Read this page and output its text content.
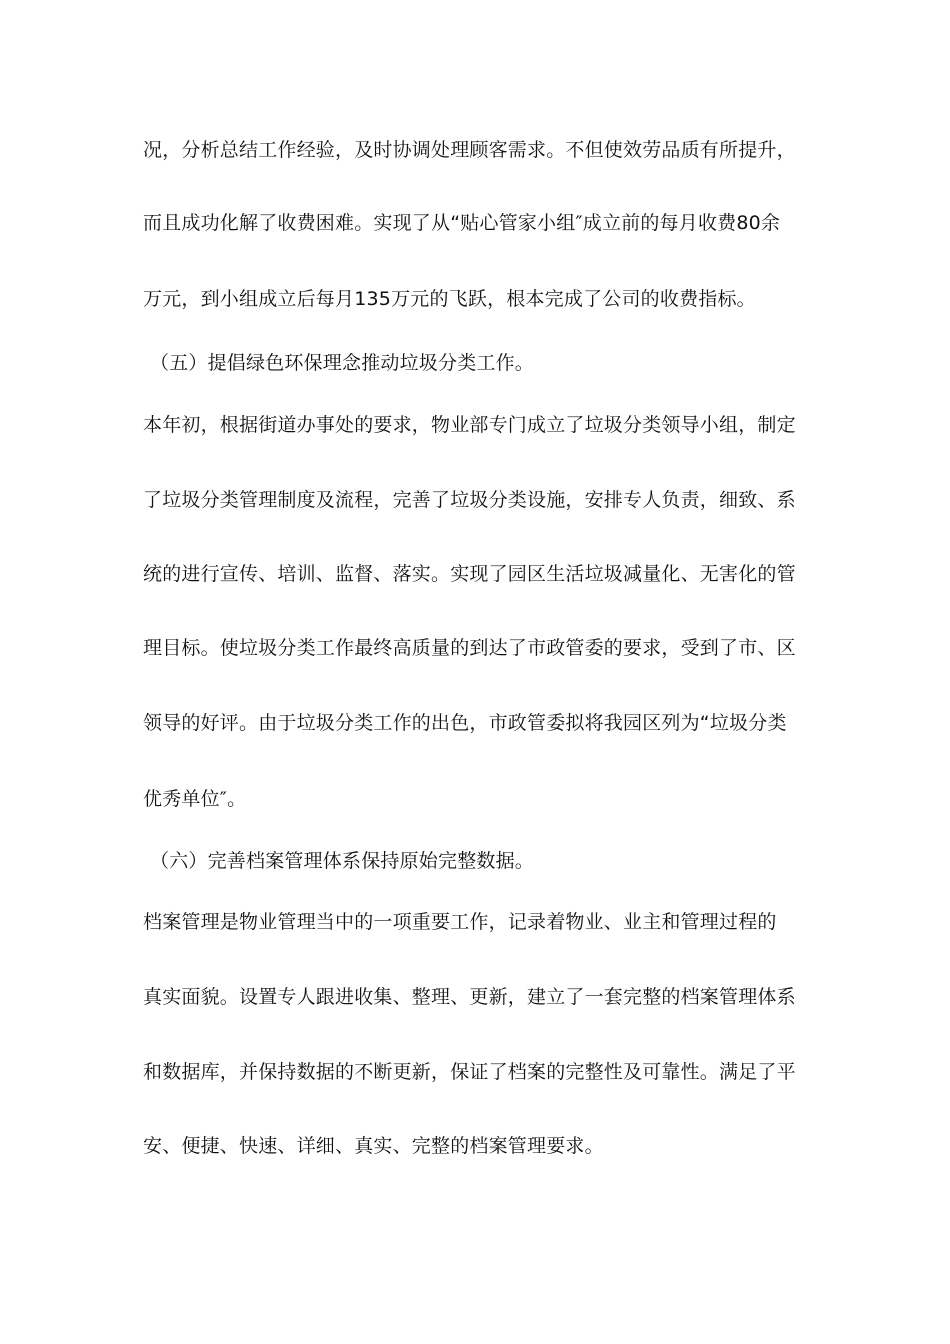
况，分析总结工作经验，及时协调处理顾客需求。不但使效劳品质有所提升，
而且成功化解了收费困难。实现了从“贴心管家小组″成立前的每月收费80余
万元，到小组成立后每月135万元的飞跃，根本完成了公司的收费指标。
（五）提倡绿色环保理念推动垃圾分类工作。
本年初，根据街道办事处的要求，物业部专门成立了垃圾分类领导小组，制定
了垃圾分类管理制度及流程，完善了垃圾分类设施，安排专人负责，细致、系
统的进行宣传、培训、监督、落实。实现了园区生活垃圾减量化、无害化的管
理目标。使垃圾分类工作最终高质量的到达了市政管委的要求，受到了市、区
领导的好评。由于垃圾分类工作的出色，市政管委拟将我园区列为“垃圾分类
优秀单位″。
（六）完善档案管理体系保持原始完整数据。
档案管理是物业管理当中的一项重要工作，记录着物业、业主和管理过程的
真实面貌。设置专人跟进收集、整理、更新，建立了一套完整的档案管理体系
和数据库，并保持数据的不断更新，保证了档案的完整性及可靠性。满足了平
安、便捷、快速、详细、真实、完整的档案管理要求。
